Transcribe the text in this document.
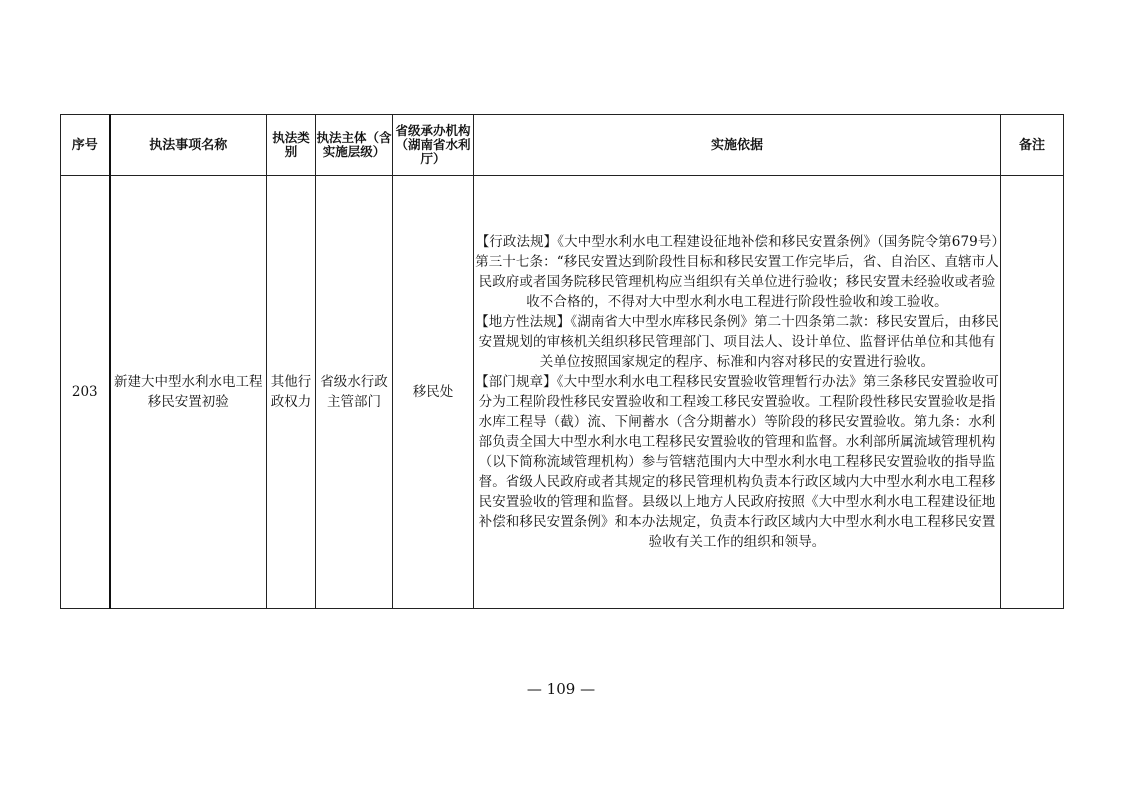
序号	执法事项名称	执法类别	执法主体（含实施层级）	省级承办机构（湖南省水利厅）	实施依据	备注
203	新建大中型水利水电工程移民安置初验	其他行政权力	省级水行政主管部门	移民处	【行政法规】《大中型水利水电工程建设征地补偿和移民安置条例》（国务院令第679号）第三十七条：“移民安置达到阶段性目标和移民安置工作完毕后，省、自治区、直辖市人民政府或者国务院移民管理机构应当组织有关单位进行验收；移民安置未经验收或者验收不合格的，不得对大中型水利水电工程进行阶段性验收和竣工验收。

【地方性法规】《湖南省大中型水库移民条例》第二十四条第二款：移民安置后，由移民安置规划的审核机关组织移民管理部门、项目法人、设计单位、监督评估单位和其他有关单位按照国家规定的程序、标准和内容对移民的安置进行验收。

【部门规章】《大中型水利水电工程移民安置验收管理暂行办法》第三条移民安置验收可分为工程阶段性移民安置验收和工程竣工移民安置验收。工程阶段性移民安置验收是指水库工程导（截）流、下闸蓄水（含分期蓄水）等阶段的移民安置验收。第九条：水利部负责全国大中型水利水电工程移民安置验收的管理和监督。水利部所属流域管理机构（以下简称流域管理机构）参与管辖范围内大中型水利水电工程移民安置验收的指导监督。省级人民政府或者其规定的移民管理机构负责本行政区域内大中型水利水电工程移民安置验收的管理和监督。县级以上地方人民政府按照《大中型水利水电工程建设征地补偿和移民安置条例》和本办法规定，负责本行政区域内大中型水利水电工程移民安置验收有关工作的组织和领导。	

— 109 —
